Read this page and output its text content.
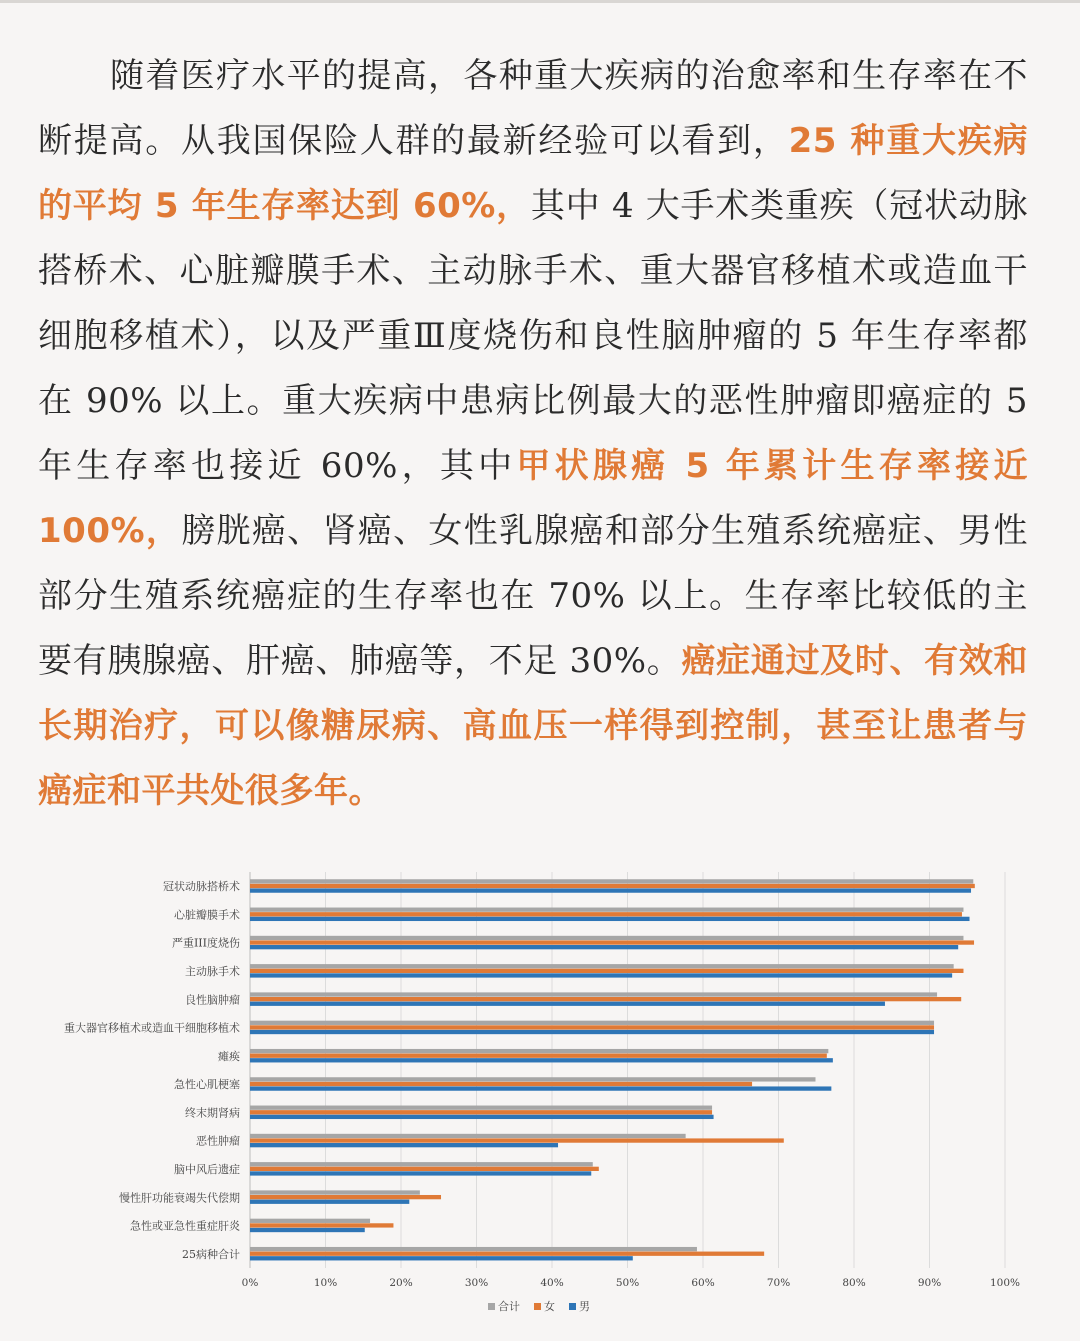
随着医疗水平的提高，各种重大疾病的治愈率和生存率在不断提高。从我国保险人群的最新经验可以看到，25 种重大疾病的平均 5 年生存率达到 60%，其中 4 大手术类重疾（冠状动脉搭桥术、心脏瓣膜手术、主动脉手术、重大器官移植术或造血干细胞移植术），以及严重Ⅲ度烧伤和良性脑肿瘤的 5 年生存率都在 90% 以上。重大疾病中患病比例最大的恶性肿瘤即癌症的 5 年生存率也接近 60%，其中甲状腺癌 5 年累计生存率接近 100%，膀胱癌、肾癌、女性乳腺癌和部分生殖系统癌症、男性部分生殖系统癌症的生存率也在 70% 以上。生存率比较低的主要有胰腺癌、肝癌、肺癌等，不足 30%。癌症通过及时、有效和长期治疗，可以像糖尿病、高血压一样得到控制，甚至让患者与癌症和平共处很多年。

冠状动脉搭桥术
心脏瓣膜手术
严重III度烧伤
主动脉手术
良性脑肿瘤
重大器官移植术或造血干细胞移植术
瘫痪
急性心肌梗塞
终末期肾病
恶性肿瘤
脑中风后遗症
慢性肝功能衰竭失代偿期
急性或亚急性重症肝炎
25病种合计
0%	10%	20%	30%	40%	50%	60%	70%	80%	90%	100%
合计 女 男
